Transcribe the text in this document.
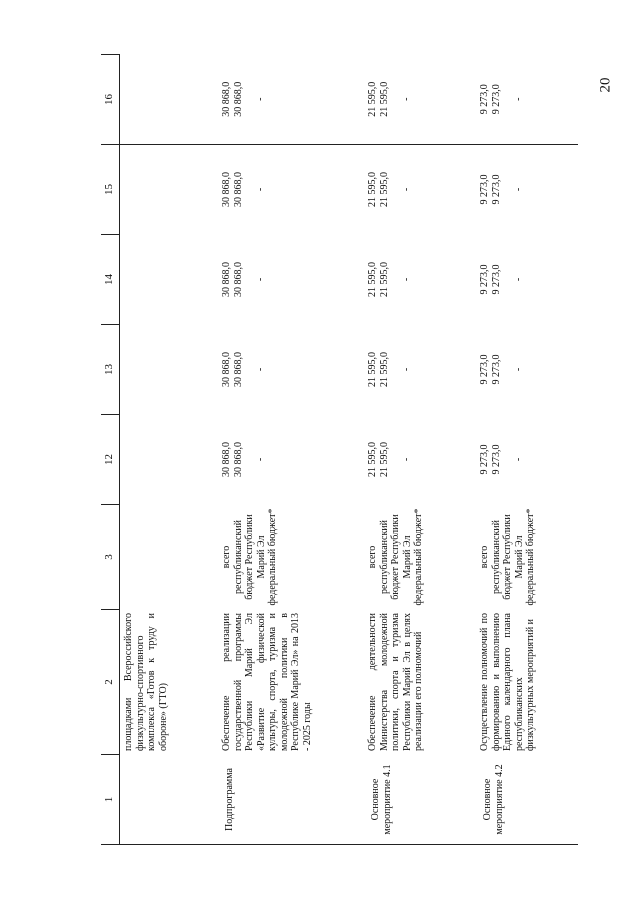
20
1	2	3	12	13	14	15	16
	площадками Всероссийского физкультурно-спортивного комплекса «Готов к труду и обороне» (ГТО)						
Подпрограмма	Обеспечение реализации государственной программы Республики Марий Эл «Развитие физической культуры, спорта, туризма и молодежной политики в Республике Марий Эл» на 2013 - 2025 годы	всего республиканский бюджет Республики Марий Эл федеральный бюджет*	30 868,0 30 868,0 -	30 868,0 30 868,0 -	30 868,0 30 868,0 -	30 868,0 30 868,0 -	30 868,0 30 868,0 -

Основное мероприятие 4.1	Обеспечение деятельности Министерства молодежной политики, спорта и туризма Республики Марий Эл в целях реализации его полномочий	всего республиканский бюджет Республики Марий Эл федеральный бюджет*	21 595,0 21 595,0 -	21 595,0 21 595,0 -	21 595,0 21 595,0 -	21 595,0 21 595,0 -	21 595,0 21 595,0 -

Основное мероприятие 4.2	Осуществление полномочий по формированию и выполнению Единого календарного плана республиканских физкультурных мероприятий и	всего республиканский бюджет Республики Марий Эл федеральный бюджет*	9 273,0 9 273,0 -	9 273,0 9 273,0 -	9 273,0 9 273,0 -	9 273,0 9 273,0 -	9 273,0 9 273,0 -
